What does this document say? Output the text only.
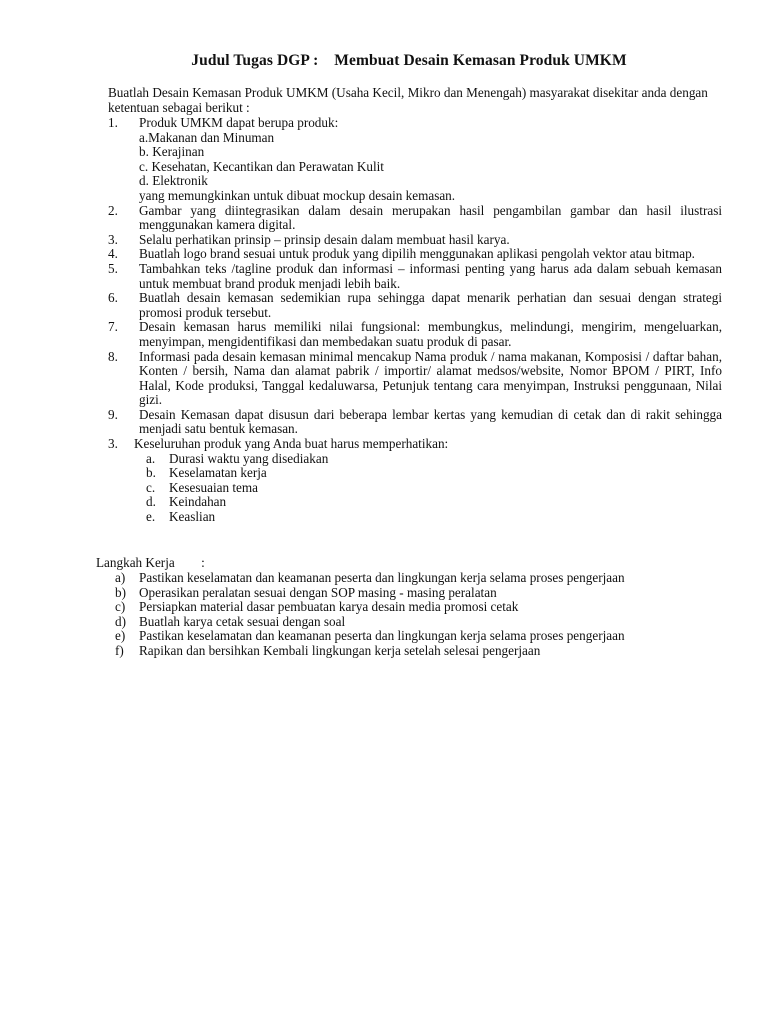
Judul Tugas DGP :    Membuat Desain Kemasan Produk UMKM
Buatlah Desain Kemasan Produk UMKM (Usaha Kecil, Mikro dan Menengah) masyarakat disekitar anda dengan ketentuan sebagai berikut :
1. Produk UMKM dapat berupa produk:
a.Makanan dan Minuman
b. Kerajinan
c. Kesehatan, Kecantikan dan Perawatan Kulit
d. Elektronik
yang memungkinkan untuk dibuat mockup desain kemasan.
2. Gambar yang diintegrasikan dalam desain merupakan hasil pengambilan gambar dan hasil ilustrasi menggunakan kamera digital.
3. Selalu perhatikan prinsip – prinsip desain dalam membuat hasil karya.
4. Buatlah logo brand sesuai untuk produk yang dipilih menggunakan aplikasi pengolah vektor atau bitmap.
5. Tambahkan teks /tagline produk dan informasi – informasi penting yang harus ada dalam sebuah kemasan untuk membuat brand produk menjadi lebih baik.
6. Buatlah desain kemasan sedemikian rupa sehingga dapat menarik perhatian dan sesuai dengan strategi promosi produk tersebut.
7. Desain kemasan harus memiliki nilai fungsional: membungkus, melindungi, mengirim, mengeluarkan, menyimpan, mengidentifikasi dan membedakan suatu produk di pasar.
8. Informasi pada desain kemasan minimal mencakup Nama produk / nama makanan, Komposisi / daftar bahan, Konten / bersih, Nama dan alamat pabrik / importir/ alamat medsos/website, Nomor BPOM / PIRT, Info Halal, Kode produksi, Tanggal kedaluwarsa, Petunjuk tentang cara menyimpan, Instruksi penggunaan, Nilai gizi.
9. Desain Kemasan dapat disusun dari beberapa lembar kertas yang kemudian di cetak dan di rakit sehingga menjadi satu bentuk kemasan.
3. Keseluruhan produk yang Anda buat harus memperhatikan:
a. Durasi waktu yang disediakan
b. Keselamatan kerja
c. Kesesuaian tema
d. Keindahan
e. Keaslian
Langkah Kerja        :
a) Pastikan keselamatan dan keamanan peserta dan lingkungan kerja selama proses pengerjaan
b) Operasikan peralatan sesuai dengan SOP masing - masing peralatan
c) Persiapkan material dasar pembuatan karya desain media promosi cetak
d) Buatlah karya cetak sesuai dengan soal
e) Pastikan keselamatan dan keamanan peserta dan lingkungan kerja selama proses pengerjaan
f) Rapikan dan bersihkan Kembali lingkungan kerja setelah selesai pengerjaan
